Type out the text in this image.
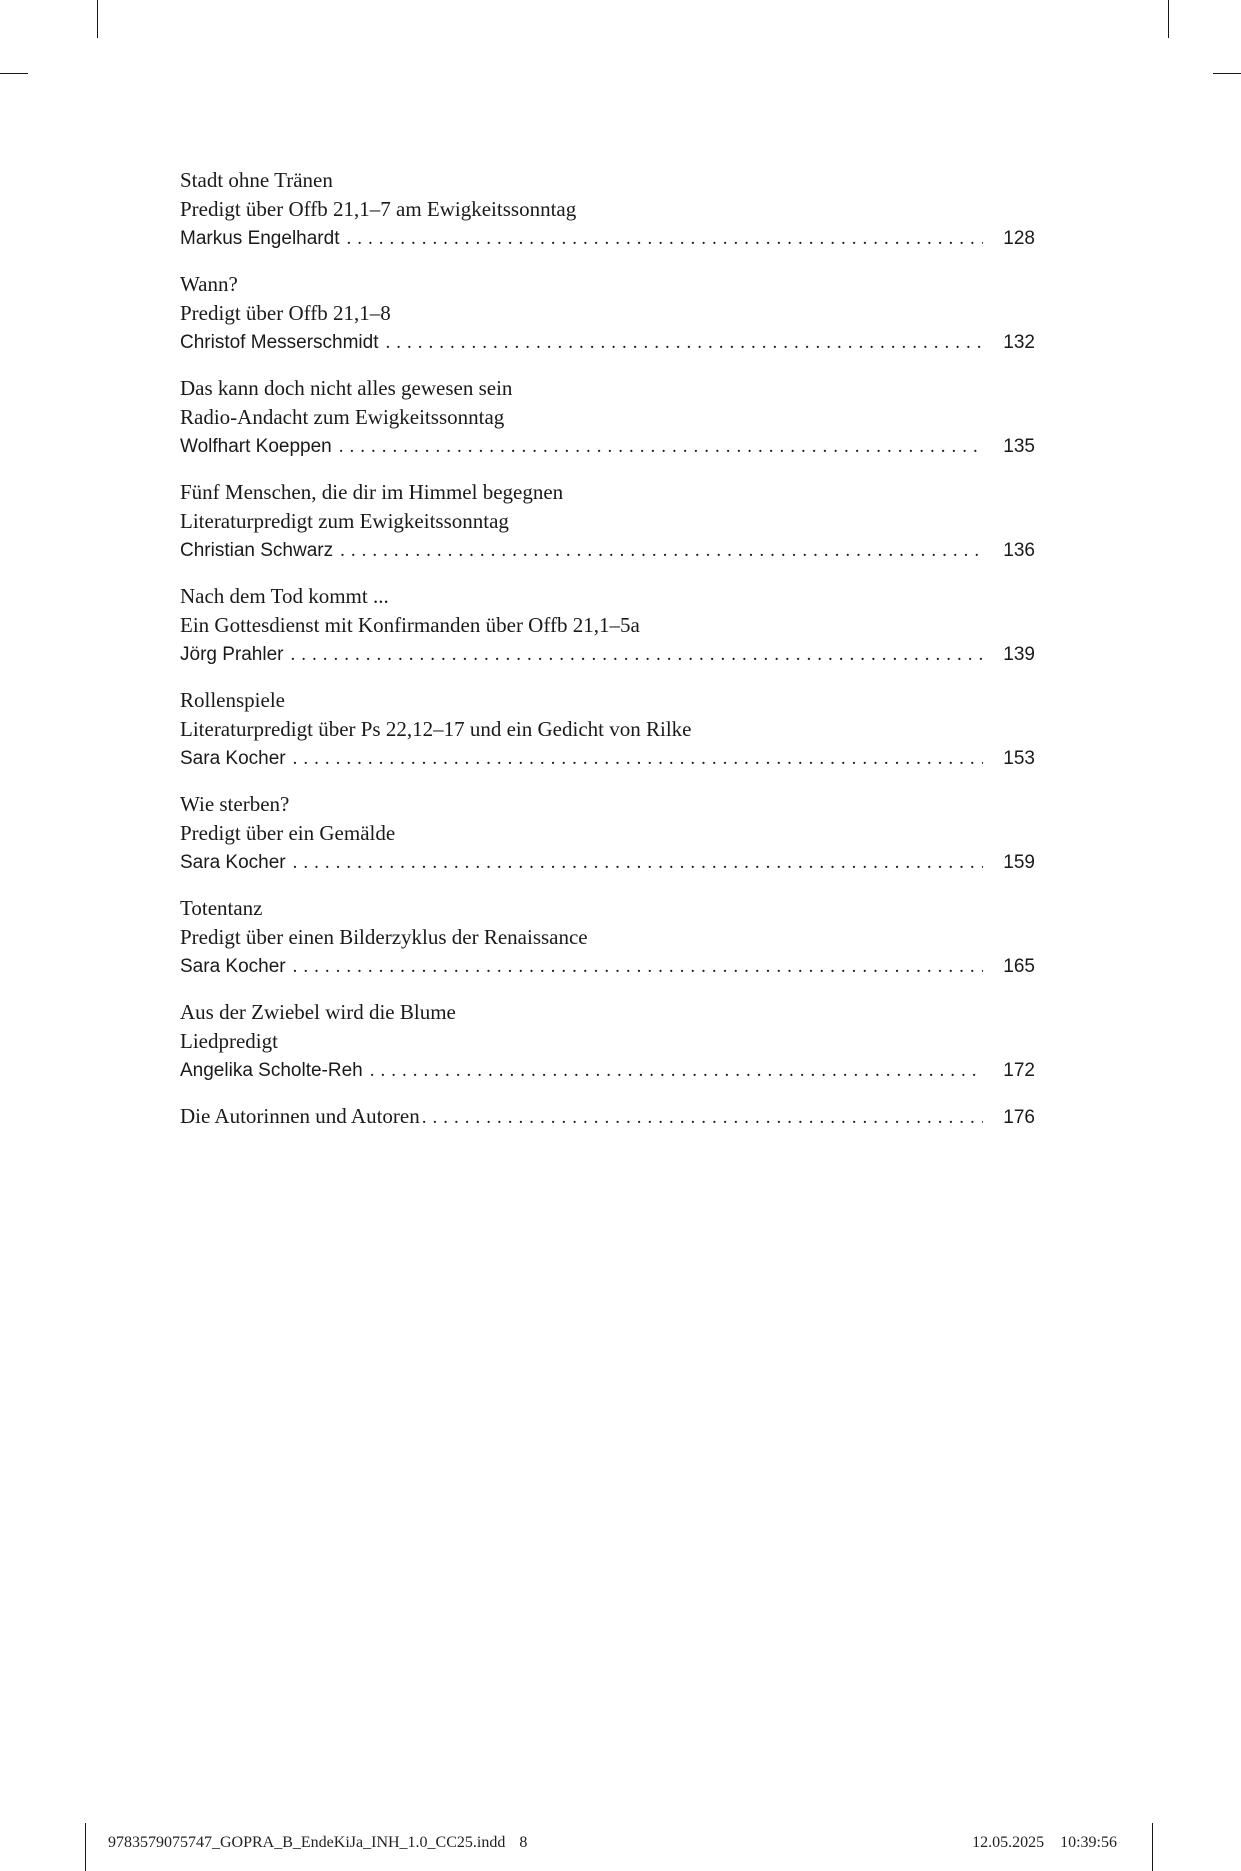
Stadt ohne Tränen
Predigt über Offb 21,1–7 am Ewigkeitssonntag
Markus Engelhardt .....	128
Wann?
Predigt über Offb 21,1–8
Christof Messerschmidt .....	132
Das kann doch nicht alles gewesen sein
Radio-Andacht zum Ewigkeitssonntag
Wolfhart Koeppen .....	135
Fünf Menschen, die dir im Himmel begegnen
Literaturpredigt zum Ewigkeitssonntag
Christian Schwarz .....	136
Nach dem Tod kommt ...
Ein Gottesdienst mit Konfirmanden über Offb 21,1–5a
Jörg Prahler .....	139
Rollenspiele
Literaturpredigt über Ps 22,12–17 und ein Gedicht von Rilke
Sara Kocher .....	153
Wie sterben?
Predigt über ein Gemälde
Sara Kocher .....	159
Totentanz
Predigt über einen Bilderzyklus der Renaissance
Sara Kocher .....	165
Aus der Zwiebel wird die Blume
Liedpredigt
Angelika Scholte-Reh .....	172
Die Autorinnen und Autoren .....	176
9783579075747_GOPRA_B_EndeKiJa_INH_1.0_CC25.indd 8	12.05.2025 10:39:56
